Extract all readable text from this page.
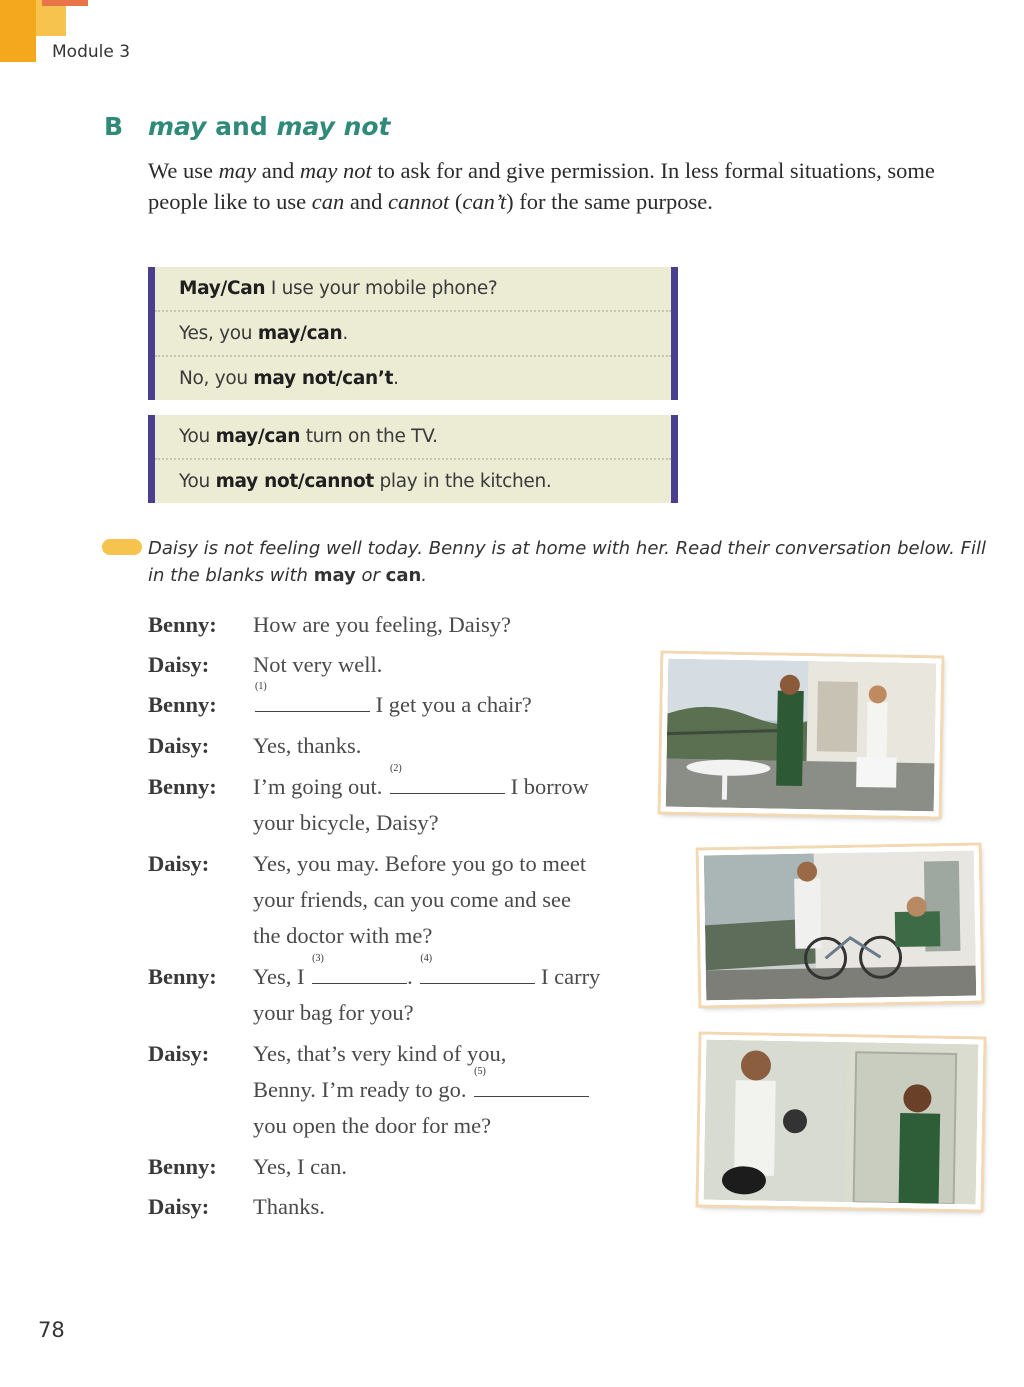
Module 3
B may and may not
We use may and may not to ask for and give permission. In less formal situations, some people like to use can and cannot (can’t) for the same purpose.
May/Can I use your mobile phone?
Yes, you may/can.
No, you may not/can’t.
You may/can turn on the TV.
You may not/cannot play in the kitchen.
Daisy is not feeling well today. Benny is at home with her. Read their conversation below. Fill in the blanks with may or can.
Benny: How are you feeling, Daisy?
Daisy: Not very well.
Benny:
(1)
I get you a chair?
Daisy: Yes, thanks.
Benny: I’m going out.
(2)
I borrow
your bicycle, Daisy?
Daisy: Yes, you may. Before you go to meet
your friends, can you come and see
the doctor with me?
Benny: Yes, I
(3)
.
(4)
I carry
your bag for you?
Daisy: Yes, that’s very kind of you,
Benny. I’m ready to go.
(5)
you open the door for me?
Benny: Yes, I can.
Daisy: Thanks.
78
